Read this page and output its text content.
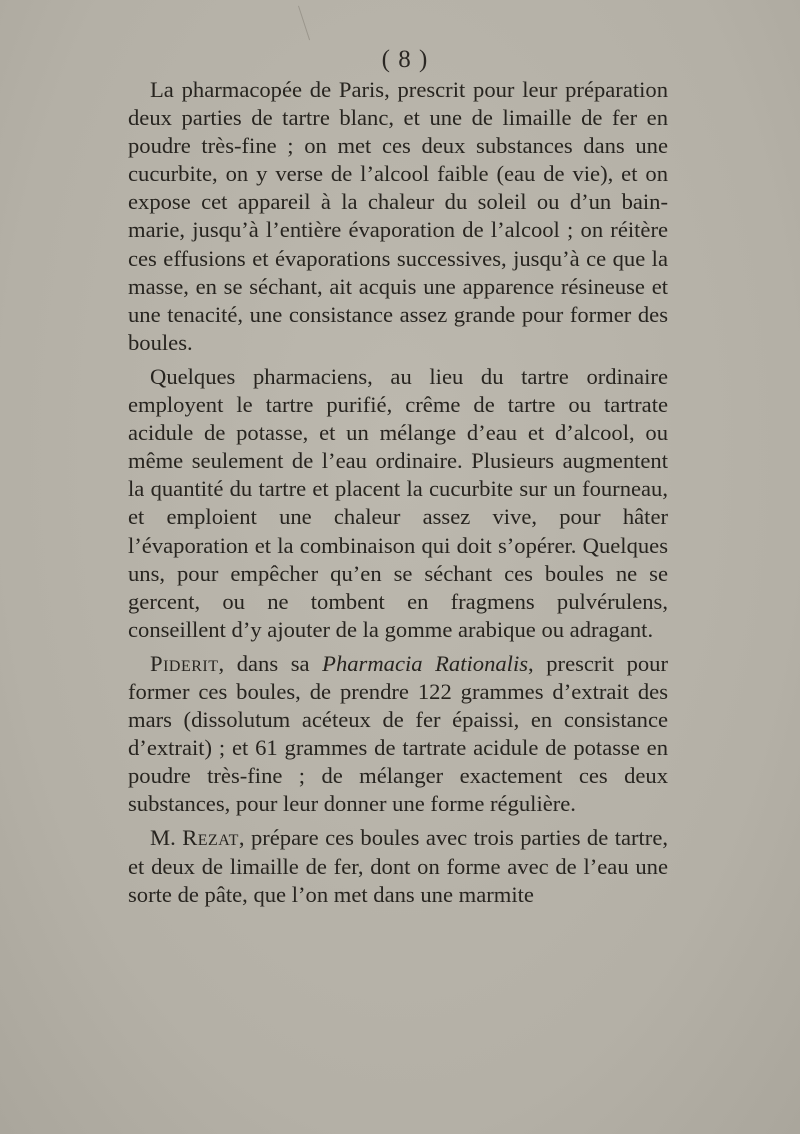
( 8 )

La pharmacopée de Paris, prescrit pour leur préparation deux parties de tartre blanc, et une de limaille de fer en poudre très-fine ; on met ces deux substances dans une cucurbite, on y verse de l’alcool faible (eau de vie), et on expose cet appareil à la chaleur du soleil ou d’un bain-marie, jusqu’à l’entière évaporation de l’alcool ; on réitère ces effusions et évaporations successives, jusqu’à ce que la masse, en se séchant, ait acquis une apparence résineuse et une tenacité, une consistance assez grande pour former des boules.

Quelques pharmaciens, au lieu du tartre ordinaire employent le tartre purifié, crême de tartre ou tartrate acidule de potasse, et un mélange d’eau et d’alcool, ou même seulement de l’eau ordinaire. Plusieurs augmentent la quantité du tartre et placent la cucurbite sur un fourneau, et emploient une chaleur assez vive, pour hâter l’évaporation et la combinaison qui doit s’opérer. Quelques uns, pour empêcher qu’en se séchant ces boules ne se gercent, ou ne tombent en fragmens pulvérulens, conseillent d’y ajouter de la gomme arabique ou adragant.

Piderit, dans sa Pharmacia Rationalis, prescrit pour former ces boules, de prendre 122 grammes d’extrait des mars (dissolutum acéteux de fer épaissi, en consistance d’extrait) ; et 61 grammes de tartrate acidule de potasse en poudre très-fine ; de mélanger exactement ces deux substances, pour leur donner une forme régulière.

M. Rezat, prépare ces boules avec trois parties de tartre, et deux de limaille de fer, dont on forme avec de l’eau une sorte de pâte, que l’on met dans une marmite
